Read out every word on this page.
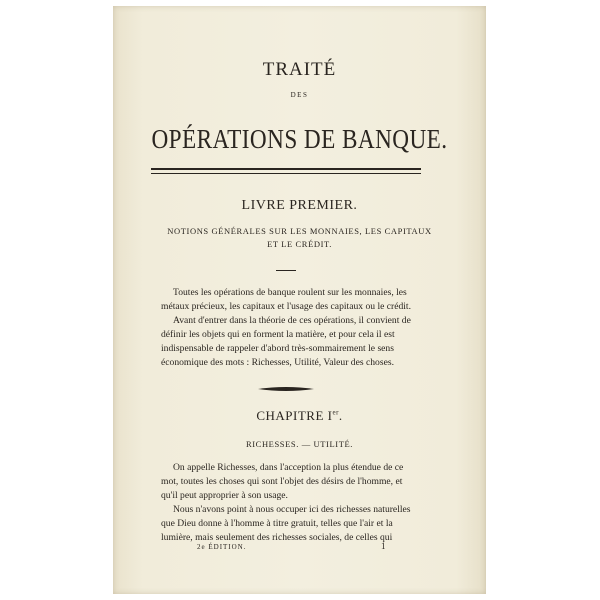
TRAITÉ
DES
OPÉRATIONS DE BANQUE.
LIVRE PREMIER.
NOTIONS GÉNÉRALES SUR LES MONNAIES, LES CAPITAUX
ET LE CRÉDIT.
Toutes les opérations de banque roulent sur les monnaies, les
métaux précieux, les capitaux et l'usage des capitaux ou le crédit.
Avant d'entrer dans la théorie de ces opérations, il convient de
définir les objets qui en forment la matière, et pour cela il est
indispensable de rappeler d'abord très-sommairement le sens
économique des mots : Richesses, Utilité, Valeur des choses.
CHAPITRE Ier.
RICHESSES. — UTILITÉ.
On appelle Richesses, dans l'acception la plus étendue de ce
mot, toutes les choses qui sont l'objet des désirs de l'homme, et
qu'il peut approprier à son usage.
Nous n'avons point à nous occuper ici des richesses naturelles
que Dieu donne à l'homme à titre gratuit, telles que l'air et la
lumière, mais seulement des richesses sociales, de celles qui
2e ÉDITION.	1
